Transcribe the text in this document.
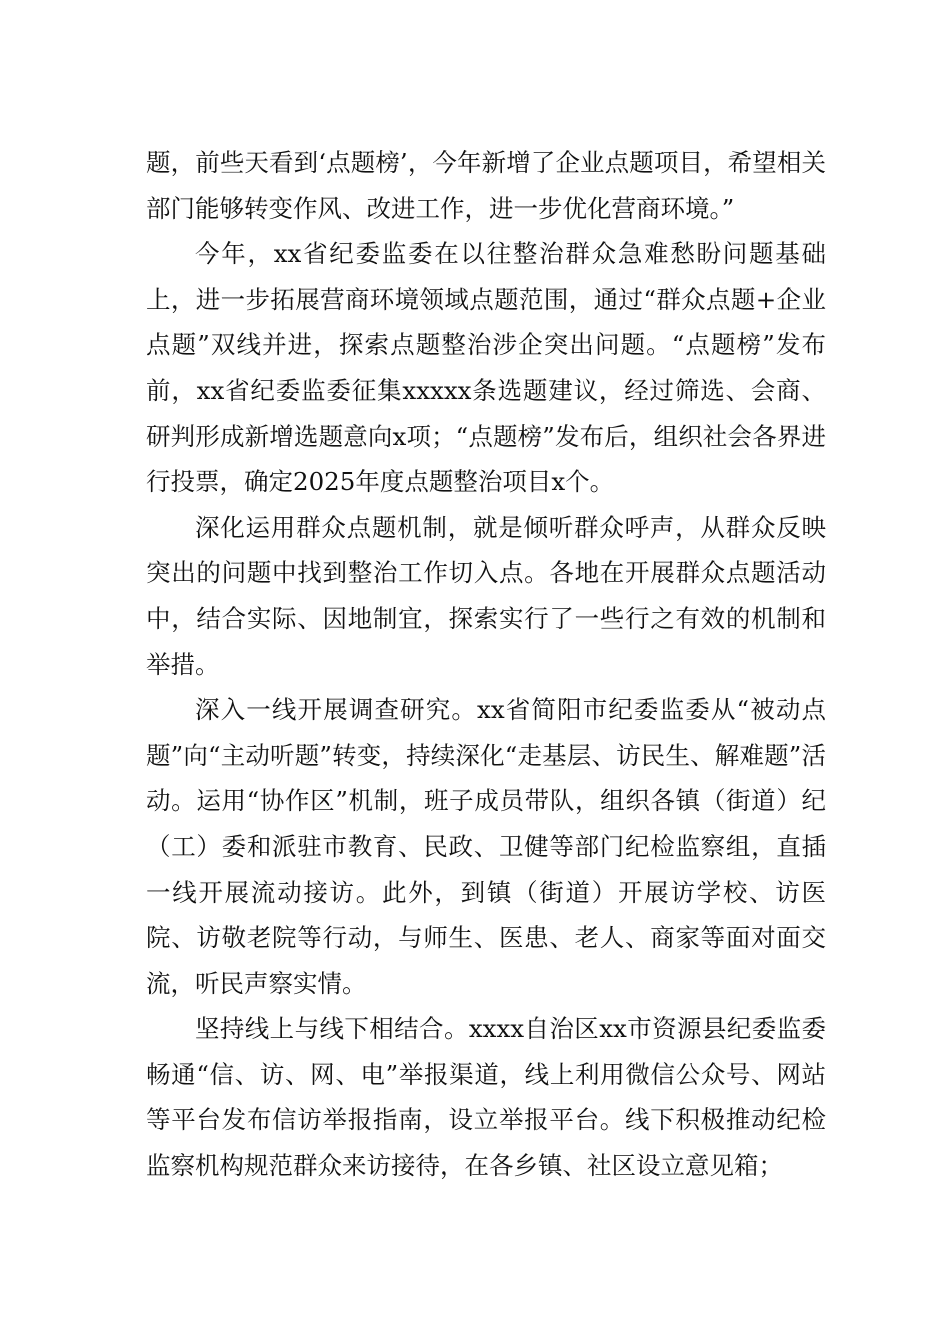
题，前些天看到‘点题榜’，今年新增了企业点题项目，希望相关部门能够转变作风、改进工作，进一步优化营商环境。”

今年，xx省纪委监委在以往整治群众急难愁盼问题基础上，进一步拓展营商环境领域点题范围，通过“群众点题+企业点题”双线并进，探索点题整治涉企突出问题。“点题榜”发布前，xx省纪委监委征集xxxxx条选题建议，经过筛选、会商、研判形成新增选题意向x项；“点题榜”发布后，组织社会各界进行投票，确定2025年度点题整治项目x个。

深化运用群众点题机制，就是倾听群众呼声，从群众反映突出的问题中找到整治工作切入点。各地在开展群众点题活动中，结合实际、因地制宜，探索实行了一些行之有效的机制和举措。

深入一线开展调查研究。xx省简阳市纪委监委从“被动点题”向“主动听题”转变，持续深化“走基层、访民生、解难题”活动。运用“协作区”机制，班子成员带队，组织各镇（街道）纪（工）委和派驻市教育、民政、卫健等部门纪检监察组，直插一线开展流动接访。此外，到镇（街道）开展访学校、访医院、访敬老院等行动，与师生、医患、老人、商家等面对面交流，听民声察实情。

坚持线上与线下相结合。xxxx自治区xx市资源县纪委监委畅通“信、访、网、电”举报渠道，线上利用微信公众号、网站等平台发布信访举报指南，设立举报平台。线下积极推动纪检监察机构规范群众来访接待，在各乡镇、社区设立意见箱；
